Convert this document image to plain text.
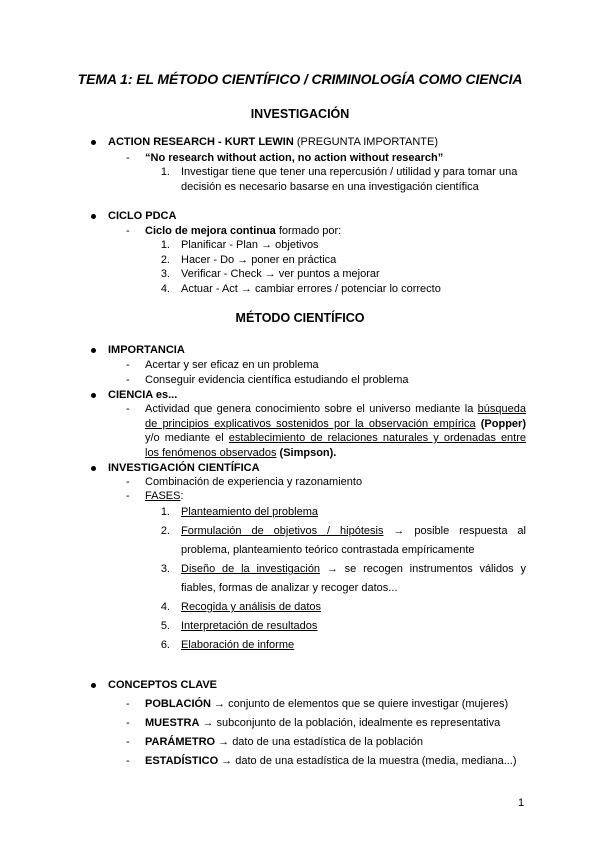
TEMA 1: EL MÉTODO CIENTÍFICO / CRIMINOLOGÍA COMO CIENCIA
INVESTIGACIÓN
ACTION RESEARCH - KURT LEWIN (PREGUNTA IMPORTANTE)
- “No research without action, no action without research”
1. Investigar tiene que tener una repercusión / utilidad y para tomar una
decisión es necesario basarse en una investigación científica
CICLO PDCA
- Ciclo de mejora continua formado por:
1. Planificar - Plan → objetivos
2. Hacer - Do → poner en práctica
3. Verificar - Check → ver puntos a mejorar
4. Actuar - Act → cambiar errores / potenciar lo correcto
MÉTODO CIENTÍFICO
IMPORTANCIA
- Acertar y ser eficaz en un problema
- Conseguir evidencia científica estudiando el problema
CIENCIA es...
- Actividad que genera conocimiento sobre el universo mediante la búsqueda
de principios explicativos sostenidos por la observación empírica (Popper)
y/o mediante el establecimiento de relaciones naturales y ordenadas entre
los fenómenos observados (Simpson).
INVESTIGACIÓN CIENTÍFICA
- Combinación de experiencia y razonamiento
- FASES:
1. Planteamiento del problema
2. Formulación de objetivos / hipótesis → posible respuesta al
problema, planteamiento teórico contrastada empíricamente
3. Diseño de la investigación → se recogen instrumentos válidos y
fiables, formas de analizar y recoger datos...
4. Recogida y análisis de datos
5. Interpretación de resultados
6. Elaboración de informe
CONCEPTOS CLAVE
- POBLACIÓN → conjunto de elementos que se quiere investigar (mujeres)
- MUESTRA → subconjunto de la población, idealmente es representativa
- PARÁMETRO → dato de una estadística de la población
- ESTADÍSTICO → dato de una estadística de la muestra (media, mediana...)
1
